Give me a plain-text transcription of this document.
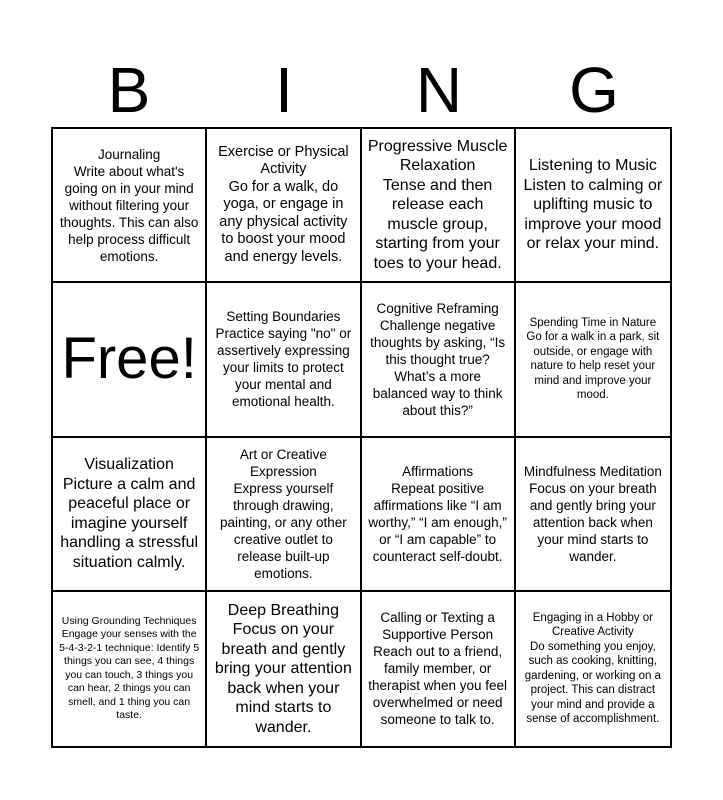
B	I	N	G
Journaling
Write about what's going on in your mind without filtering your thoughts. This can also help process difficult emotions.
Exercise or Physical Activity
Go for a walk, do yoga, or engage in any physical activity to boost your mood and energy levels.
Progressive Muscle Relaxation
Tense and then release each muscle group, starting from your toes to your head.
Listening to Music
Listen to calming or uplifting music to improve your mood or relax your mind.
Free!
Setting Boundaries
Practice saying "no" or assertively expressing your limits to protect your mental and emotional health.
Cognitive Reframing
Challenge negative thoughts by asking, “Is this thought true? What’s a more balanced way to think about this?”
Spending Time in Nature
Go for a walk in a park, sit outside, or engage with nature to help reset your mind and improve your mood.
Visualization
Picture a calm and peaceful place or imagine yourself handling a stressful situation calmly.
Art or Creative Expression
Express yourself through drawing, painting, or any other creative outlet to release built-up emotions.
Affirmations
Repeat positive affirmations like “I am worthy,” “I am enough,” or “I am capable” to counteract self-doubt.
Mindfulness Meditation
Focus on your breath and gently bring your attention back when your mind starts to wander.
Using Grounding Techniques
Engage your senses with the 5-4-3-2-1 technique: Identify 5 things you can see, 4 things you can touch, 3 things you can hear, 2 things you can smell, and 1 thing you can taste.
Deep Breathing
Focus on your breath and gently bring your attention back when your mind starts to wander.
Calling or Texting a Supportive Person
Reach out to a friend, family member, or therapist when you feel overwhelmed or need someone to talk to.
Engaging in a Hobby or Creative Activity
Do something you enjoy, such as cooking, knitting, gardening, or working on a project. This can distract your mind and provide a sense of accomplishment.
